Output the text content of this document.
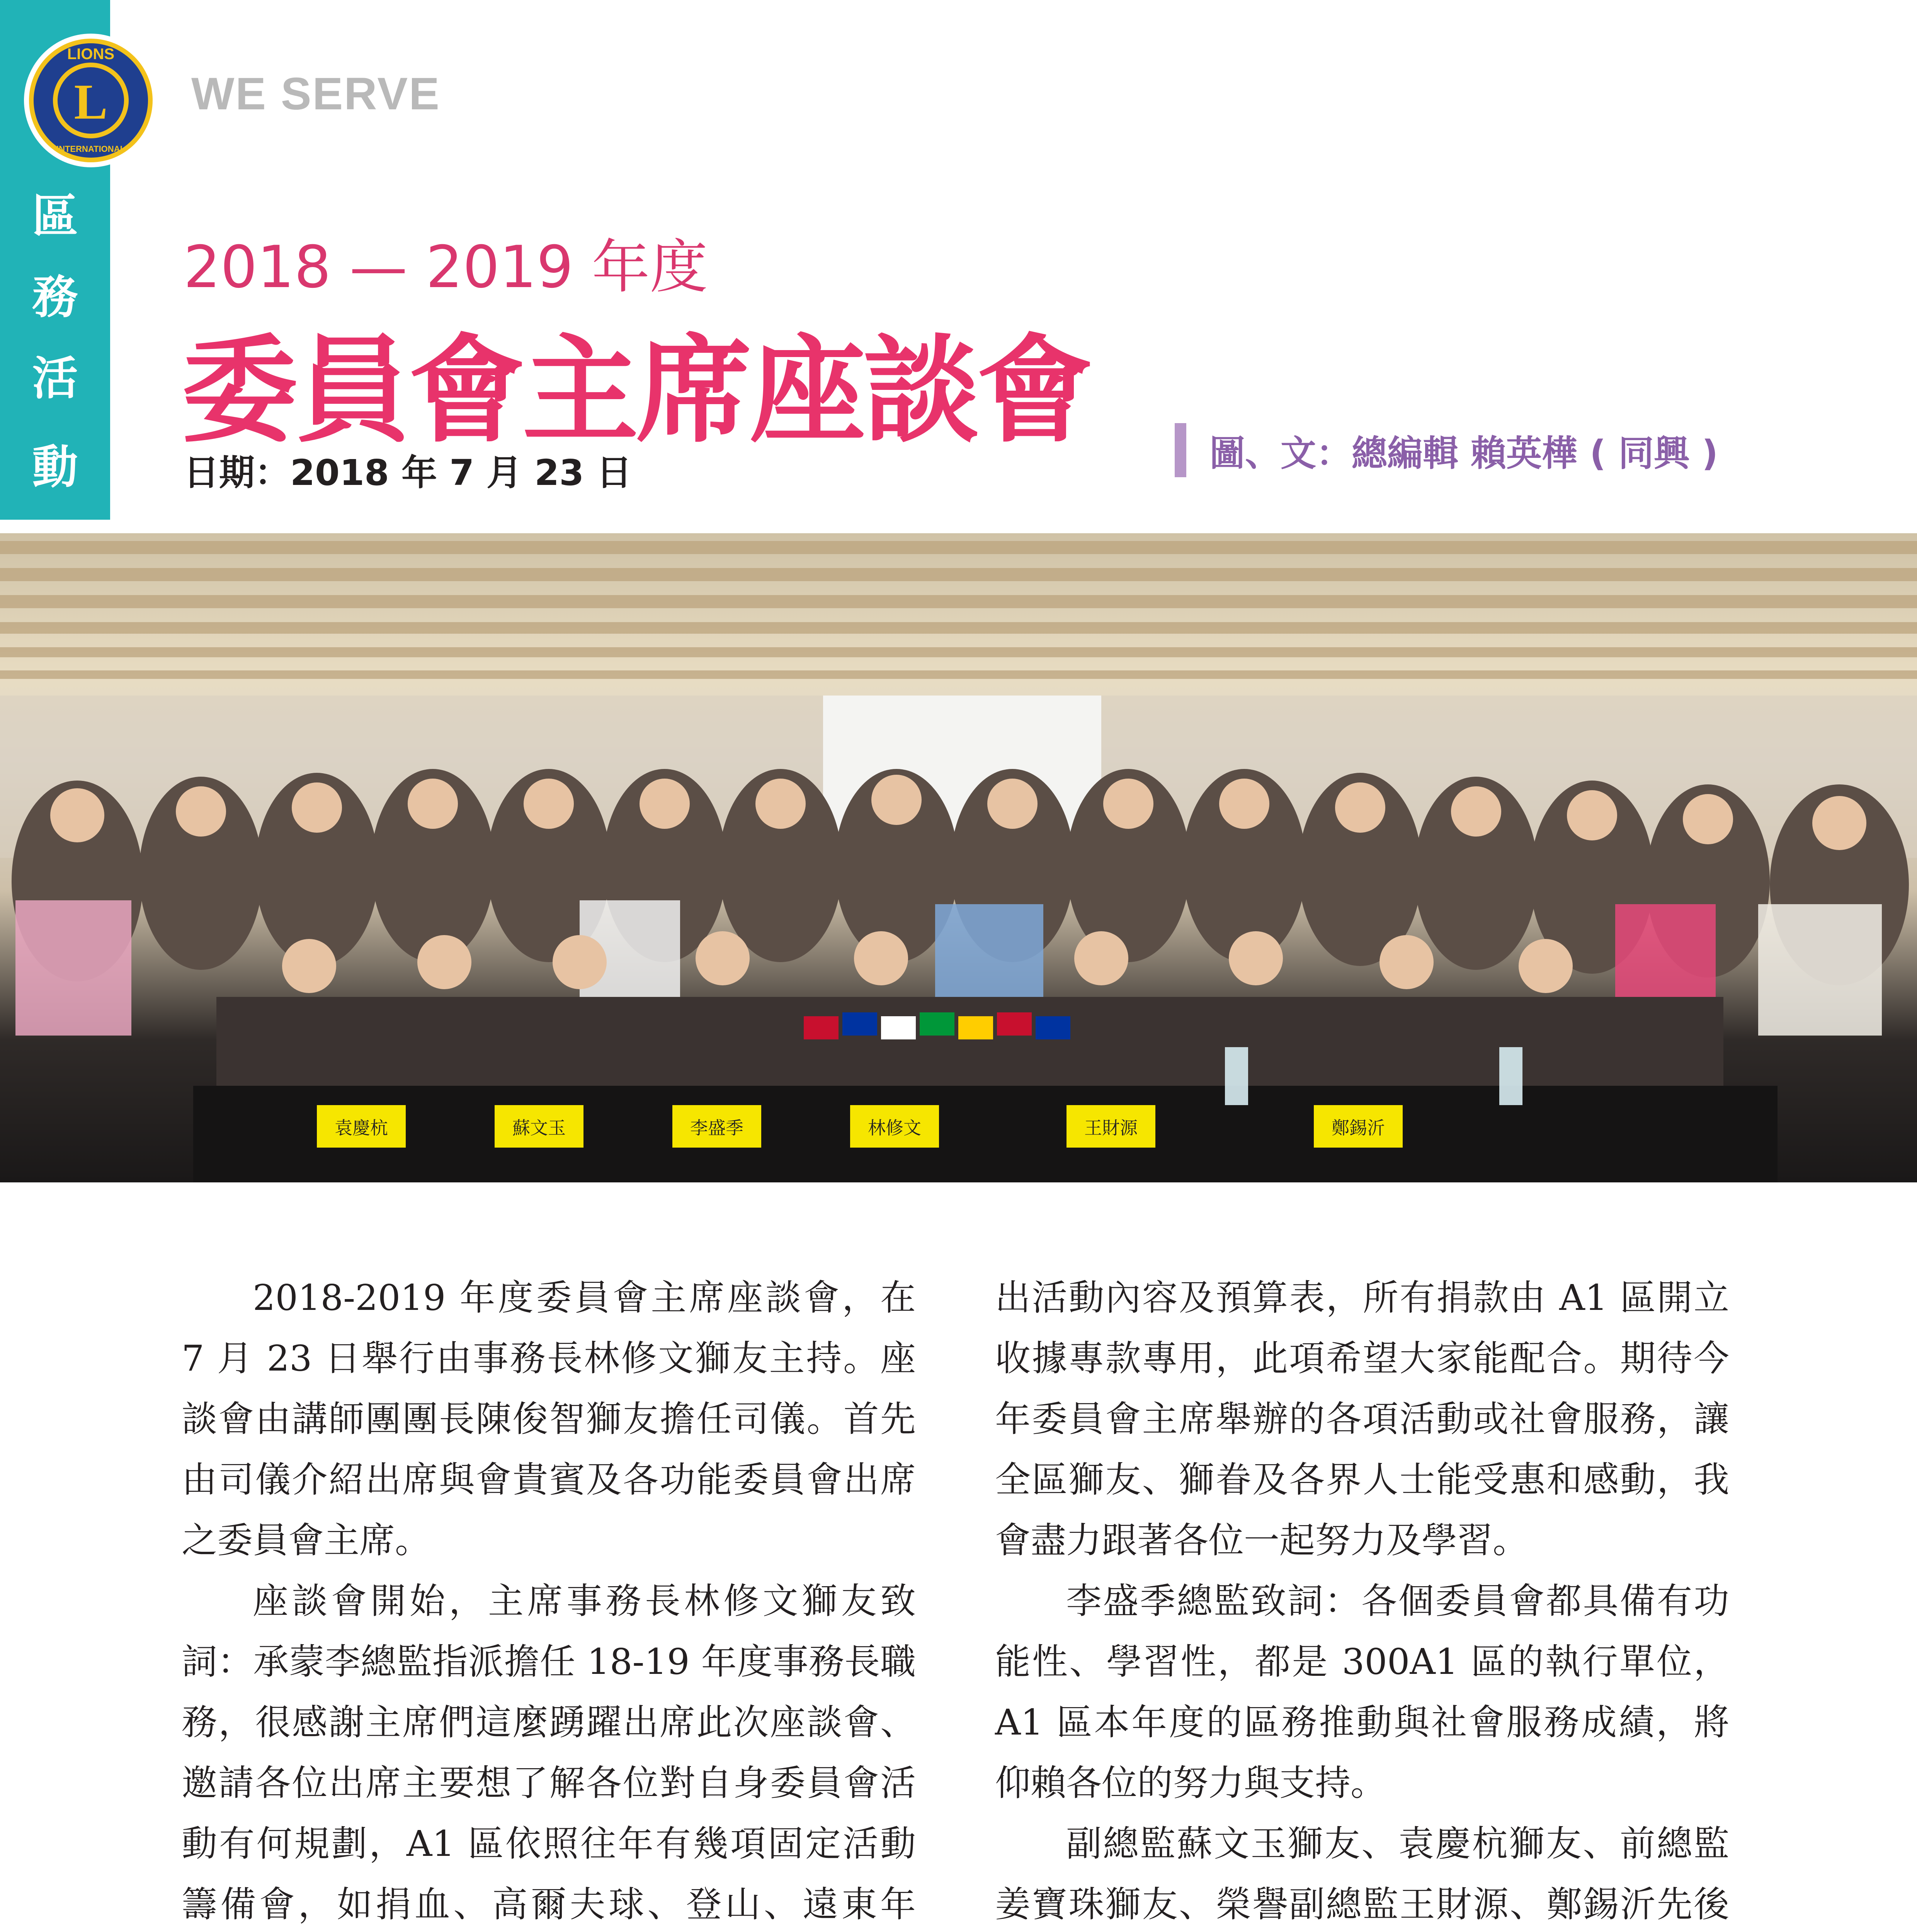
區
務
活
動
L
LIONS
INTERNATIONAL
WE SERVE
2018 — 2019 年度
委員會主席座談會
日期：2018 年 7 月 23 日	圖、文：總編輯 賴英樺 ( 同興 )
袁慶杭	蘇文玉	李盛季	林修文	王財源	鄭錫沂

2018-2019 年度委員會主席座談會，在 7 月 23 日舉行由事務長林修文獅友主持。座談會由講師團團長陳俊智獅友擔任司儀。首先由司儀介紹出席與會貴賓及各功能委員會出席之委員會主席。

座談會開始，主席事務長林修文獅友致詞：承蒙李總監指派擔任 18-19 年度事務長職務，很感謝主席們這麼踴躍出席此次座談會、邀請各位出席主要想了解各位對自身委員會活動有何規劃，A1 區依照往年有幾項固定活動籌備會，如捐血、高爾夫球、登山、遠東年

出活動內容及預算表，所有捐款由 A1 區開立收據專款專用，此項希望大家能配合。期待今年委員會主席舉辦的各項活動或社會服務，讓全區獅友、獅眷及各界人士能受惠和感動，我會盡力跟著各位一起努力及學習。

李盛季總監致詞：各個委員會都具備有功能性、學習性，都是 300A1 區的執行單位，A1 區本年度的區務推動與社會服務成績，將仰賴各位的努力與支持。

副總監蘇文玉獅友、袁慶杭獅友、前總監姜寶珠獅友、榮譽副總監王財源、鄭錫沂先後
